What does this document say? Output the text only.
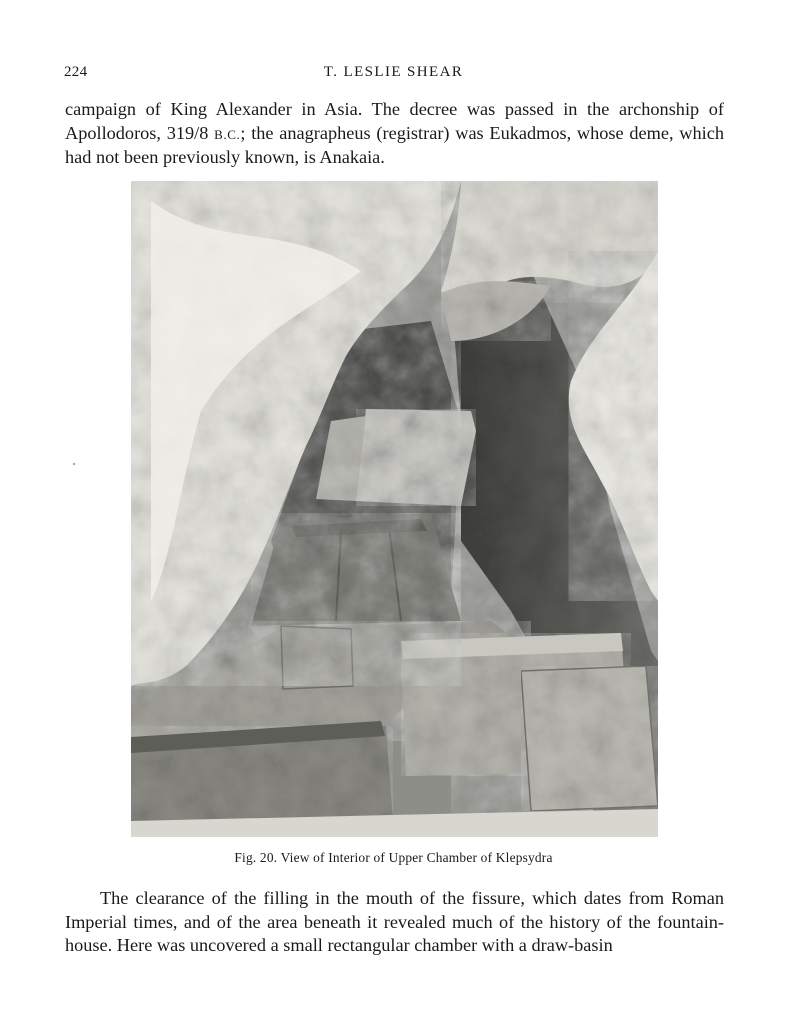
224	T. LESLIE SHEAR

campaign of King Alexander in Asia. The decree was passed in the archonship of Apollodoros, 319/8 B.C.; the anagrapheus (registrar) was Eukadmos, whose deme, which had not been previously known, is Anakaia.

Fig. 20. View of Interior of Upper Chamber of Klepsydra

The clearance of the filling in the mouth of the fissure, which dates from Roman Imperial times, and of the area beneath it revealed much of the history of the fountain-house. Here was uncovered a small rectangular chamber with a draw-basin
